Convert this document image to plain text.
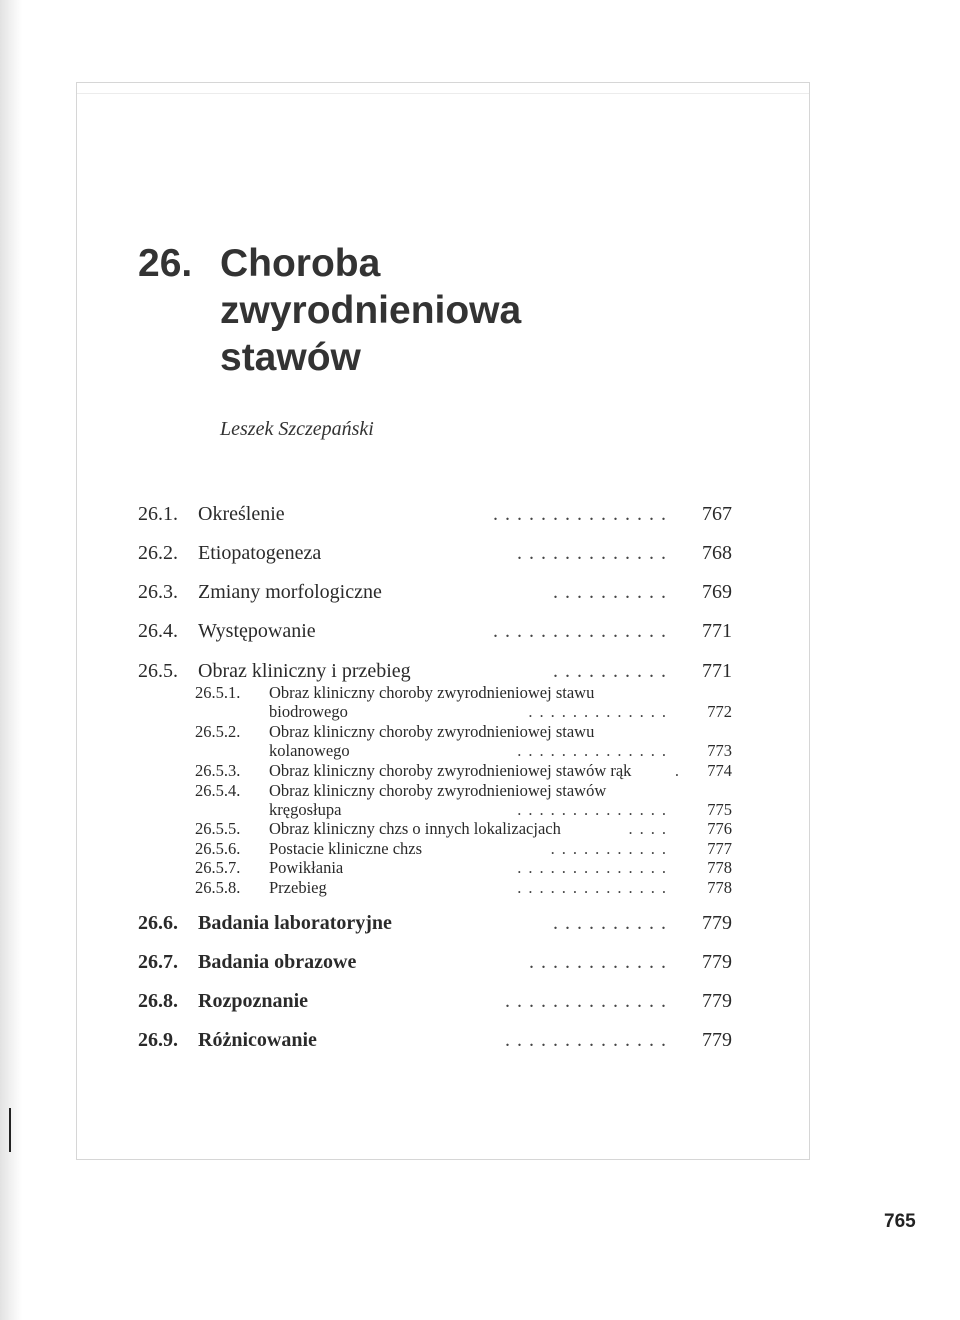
26. Choroba
zwyrodnieniowa
stawów
Leszek Szczepański
26.1. Określenie	............... 767
26.2. Etiopatogeneza	............. 768
26.3. Zmiany morfologiczne	.......... 769
26.4. Występowanie	............... 771
26.5. Obraz kliniczny i przebieg	.......... 771
26.5.1. Obraz kliniczny choroby zwyrodnieniowej stawu
biodrowego	............. 772
26.5.2. Obraz kliniczny choroby zwyrodnieniowej stawu
kolanowego	.............. 773
26.5.3. Obraz kliniczny choroby zwyrodnieniowej stawów rąk	. 774
26.5.4. Obraz kliniczny choroby zwyrodnieniowej stawów
kręgosłupa	.............. 775
26.5.5. Obraz kliniczny chzs o innych lokalizacjach	.... 776
26.5.6. Postacie kliniczne chzs	........... 777
26.5.7. Powikłania	.............. 778
26.5.8. Przebieg	.............. 778
26.6. Badania laboratoryjne	.......... 779
26.7. Badania obrazowe	............ 779
26.8. Rozpoznanie	.............. 779
26.9. Różnicowanie	.............. 779
765
